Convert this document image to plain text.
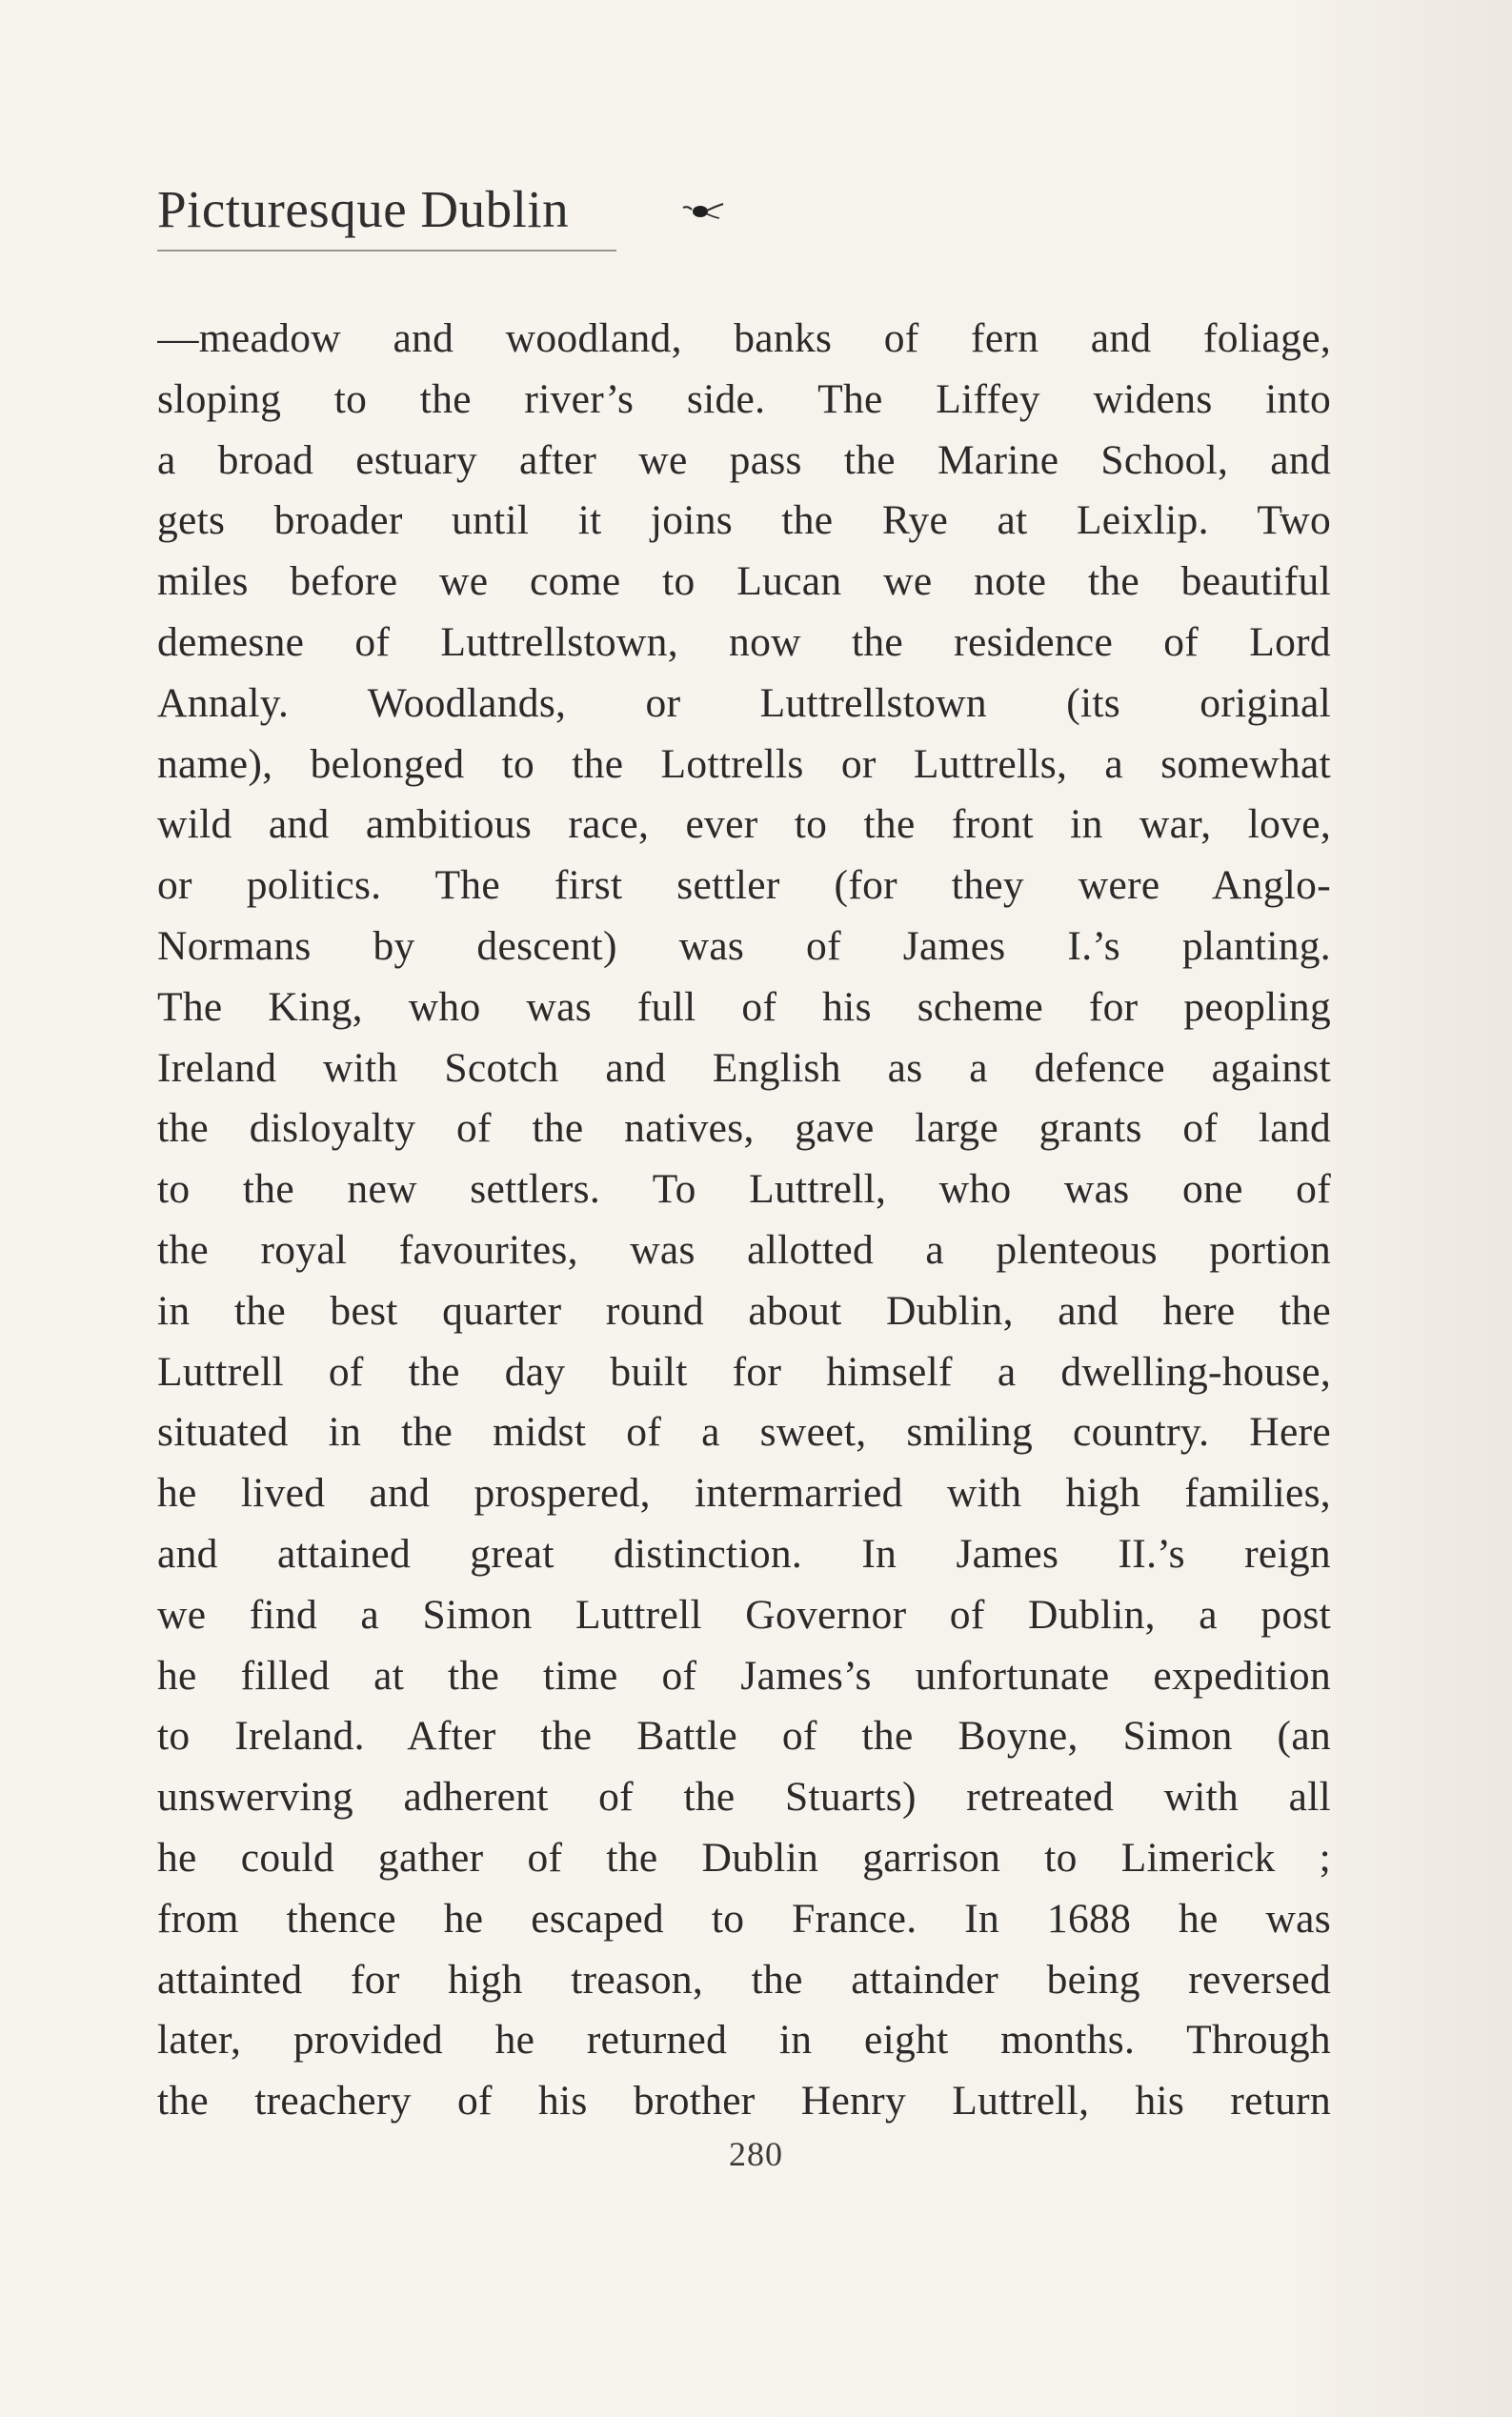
Picturesque Dublin
—meadow and woodland, banks of fern and foliage,
sloping to the river’s side. The Liffey widens into
a broad estuary after we pass the Marine School, and
gets broader until it joins the Rye at Leixlip. Two
miles before we come to Lucan we note the beautiful
demesne of Luttrellstown, now the residence of Lord
Annaly. Woodlands, or Luttrellstown (its original
name), belonged to the Lottrells or Luttrells, a somewhat
wild and ambitious race, ever to the front in war, love,
or politics. The first settler (for they were Anglo-
Normans by descent) was of James I.’s planting.
The King, who was full of his scheme for peopling
Ireland with Scotch and English as a defence against
the disloyalty of the natives, gave large grants of land
to the new settlers. To Luttrell, who was one of
the royal favourites, was allotted a plenteous portion
in the best quarter round about Dublin, and here the
Luttrell of the day built for himself a dwelling-house,
situated in the midst of a sweet, smiling country. Here
he lived and prospered, intermarried with high families,
and attained great distinction. In James II.’s reign
we find a Simon Luttrell Governor of Dublin, a post
he filled at the time of James’s unfortunate expedition
to Ireland. After the Battle of the Boyne, Simon (an
unswerving adherent of the Stuarts) retreated with all
he could gather of the Dublin garrison to Limerick ;
from thence he escaped to France. In 1688 he was
attainted for high treason, the attainder being reversed
later, provided he returned in eight months. Through
the treachery of his brother Henry Luttrell, his return
280
